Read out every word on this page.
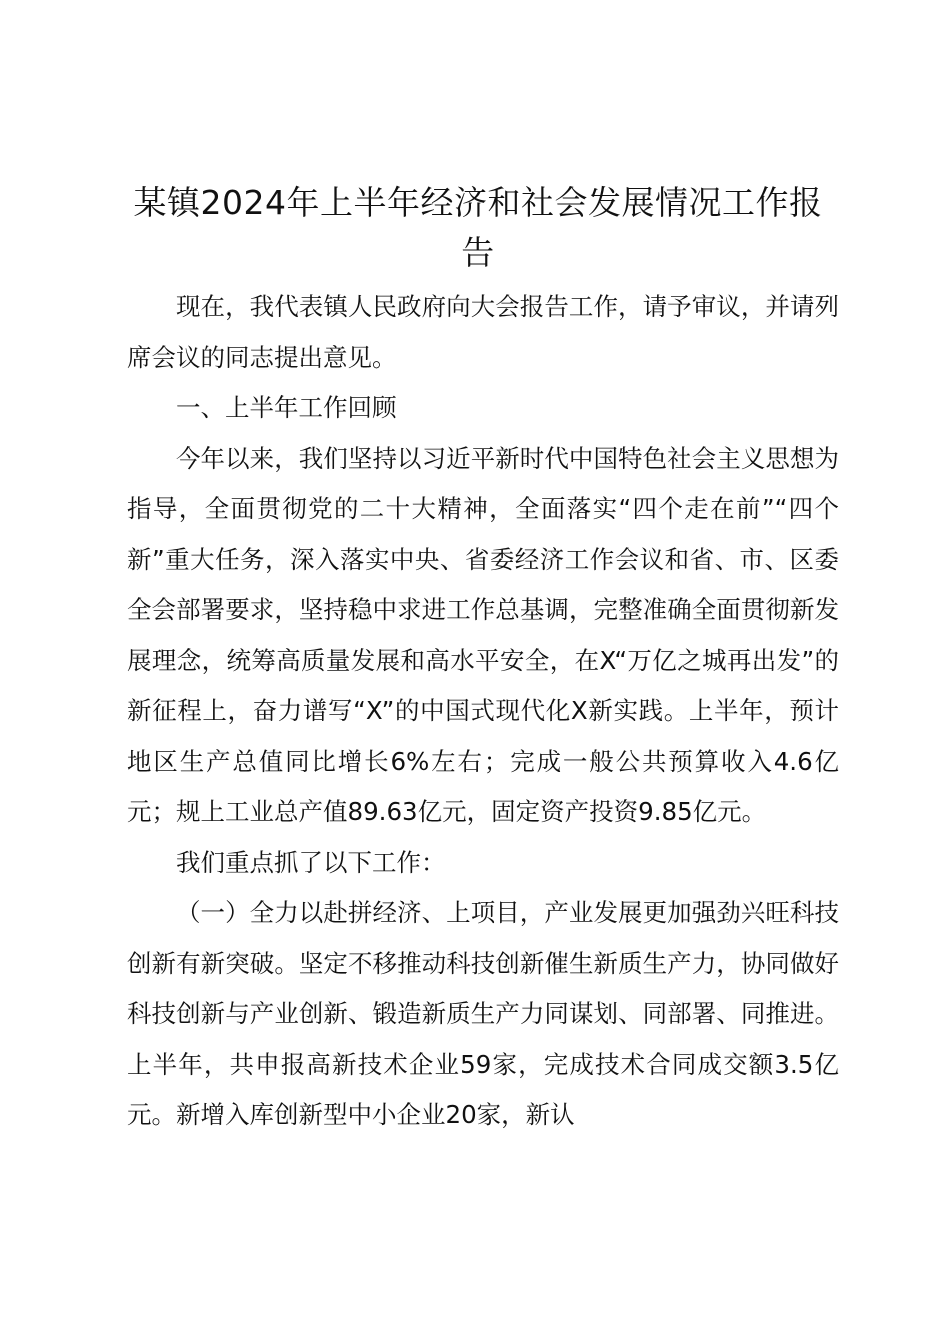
某镇2024年上半年经济和社会发展情况工作报告

现在，我代表镇人民政府向大会报告工作，请予审议，并请列席会议的同志提出意见。

一、上半年工作回顾

今年以来，我们坚持以习近平新时代中国特色社会主义思想为指导，全面贯彻党的二十大精神，全面落实“四个走在前”“四个新”重大任务，深入落实中央、省委经济工作会议和省、市、区委全会部署要求，坚持稳中求进工作总基调，完整准确全面贯彻新发展理念，统筹高质量发展和高水平安全，在X“万亿之城再出发”的新征程上，奋力谱写“X”的中国式现代化X新实践。上半年，预计地区生产总值同比增长6%左右；完成一般公共预算收入4.6亿元；规上工业总产值89.63亿元，固定资产投资9.85亿元。

我们重点抓了以下工作：

（一）全力以赴拼经济、上项目，产业发展更加强劲兴旺科技创新有新突破。坚定不移推动科技创新催生新质生产力，协同做好科技创新与产业创新、锻造新质生产力同谋划、同部署、同推进。上半年，共申报高新技术企业59家，完成技术合同成交额3.5亿元。新增入库创新型中小企业20家，新认
